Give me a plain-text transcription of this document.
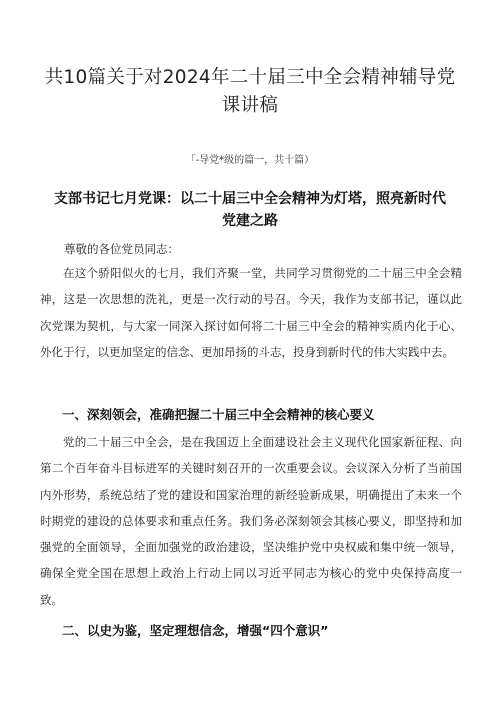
共10篇关于对2024年二十届三中全会精神辅导党课讲稿
「-导党*级的篇一，共十篇）
支部书记七月党课：以二十届三中全会精神为灯塔，照亮新时代党建之路
尊敬的各位党员同志：
在这个骄阳似火的七月，我们齐聚一堂，共同学习贯彻党的二十届三中全会精神，这是一次思想的洗礼，更是一次行动的号召。今天，我作为支部书记，谨以此次党课为契机，与大家一同深入探讨如何将二十届三中全会的精神实质内化于心、外化于行，以更加坚定的信念、更加昂扬的斗志，投身到新时代的伟大实践中去。
一、深刻领会，准确把握二十届三中全会精神的核心要义
党的二十届三中全会，是在我国迈上全面建设社会主义现代化国家新征程、向第二个百年奋斗目标进军的关键时刻召开的一次重要会议。会议深入分析了当前国内外形势，系统总结了党的建设和国家治理的新经验新成果，明确提出了未来一个时期党的建设的总体要求和重点任务。我们务必深刻领会其核心要义，即坚持和加强党的全面领导，全面加强党的政治建设，坚决维护党中央权威和集中统一领导，确保全党全国在思想上政治上行动上同以习近平同志为核心的党中央保持高度一致。
二、以史为鉴，坚定理想信念，增强“四个意识”
